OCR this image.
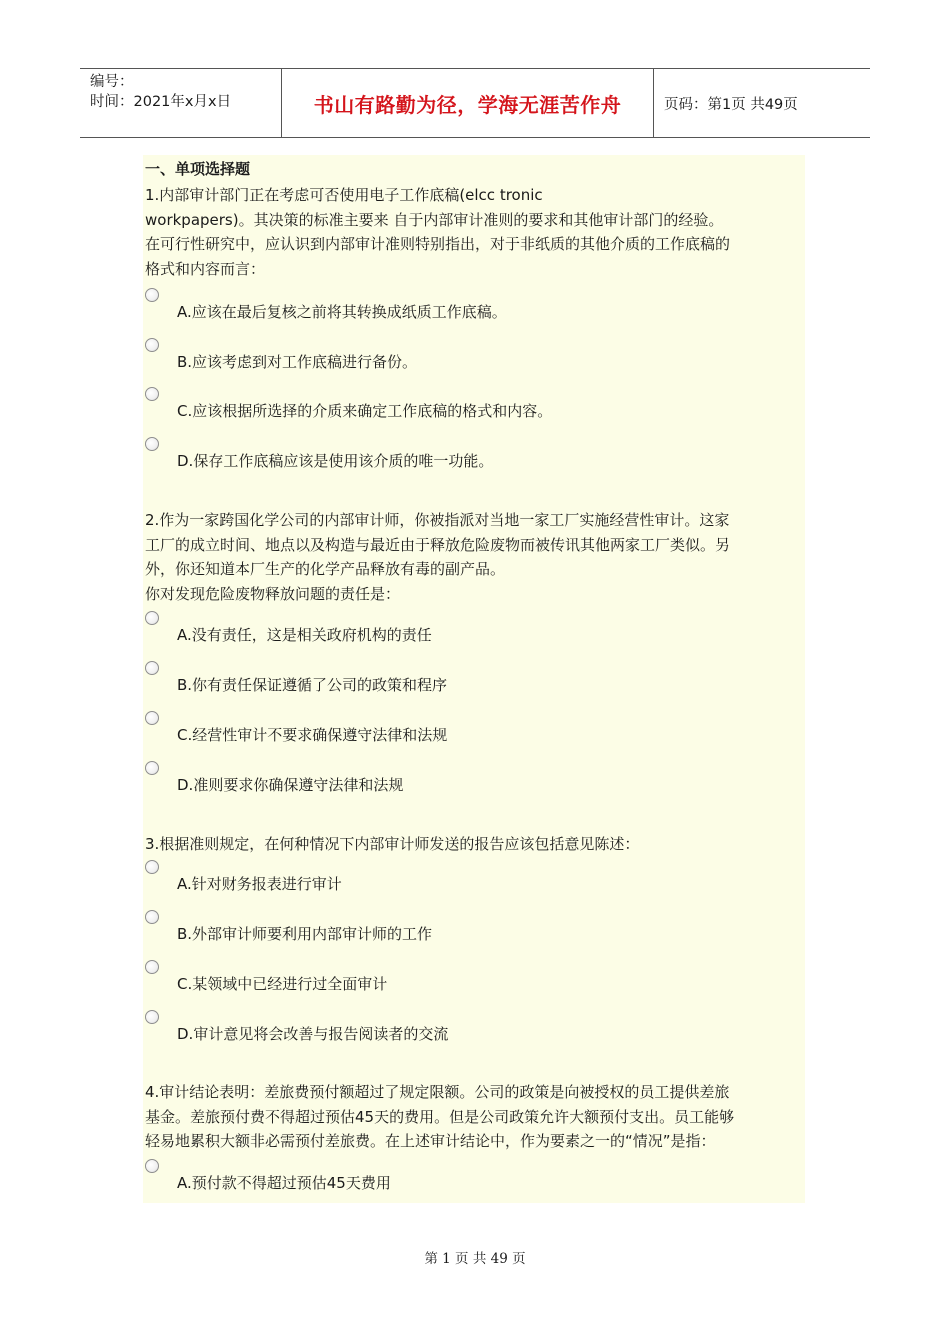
编号：
时间：2021年x月x日	书山有路勤为径，学海无涯苦作舟	页码：第1页 共49页
一、单项选择题
1.内部审计部门正在考虑可否使用电子工作底稿(elcc tronic
workpapers)。其决策的标准主要来 自于内部审计准则的要求和其他审计部门的经验。
在可行性研究中，应认识到内部审计准则特别指出，对于非纸质的其他介质的工作底稿的
格式和内容而言：
A.应该在最后复核之前将其转换成纸质工作底稿。
B.应该考虑到对工作底稿进行备份。
C.应该根据所选择的介质来确定工作底稿的格式和内容。
D.保存工作底稿应该是使用该介质的唯一功能。
2.作为一家跨国化学公司的内部审计师，你被指派对当地一家工厂实施经营性审计。这家
工厂的成立时间、地点以及构造与最近由于释放危险废物而被传讯其他两家工厂类似。另
外，你还知道本厂生产的化学产品释放有毒的副产品。
你对发现危险废物释放问题的责任是：
A.没有责任，这是相关政府机构的责任
B.你有责任保证遵循了公司的政策和程序
C.经营性审计不要求确保遵守法律和法规
D.准则要求你确保遵守法律和法规
3.根据准则规定，在何种情况下内部审计师发送的报告应该包括意见陈述：
A.针对财务报表进行审计
B.外部审计师要利用内部审计师的工作
C.某领域中已经进行过全面审计
D.审计意见将会改善与报告阅读者的交流
4.审计结论表明：差旅费预付额超过了规定限额。公司的政策是向被授权的员工提供差旅
基金。差旅预付费不得超过预估45天的费用。但是公司政策允许大额预付支出。员工能够
轻易地累积大额非必需预付差旅费。在上述审计结论中，作为要素之一的“情况”是指：
A.预付款不得超过预估45天费用
第 1 页 共 49 页
